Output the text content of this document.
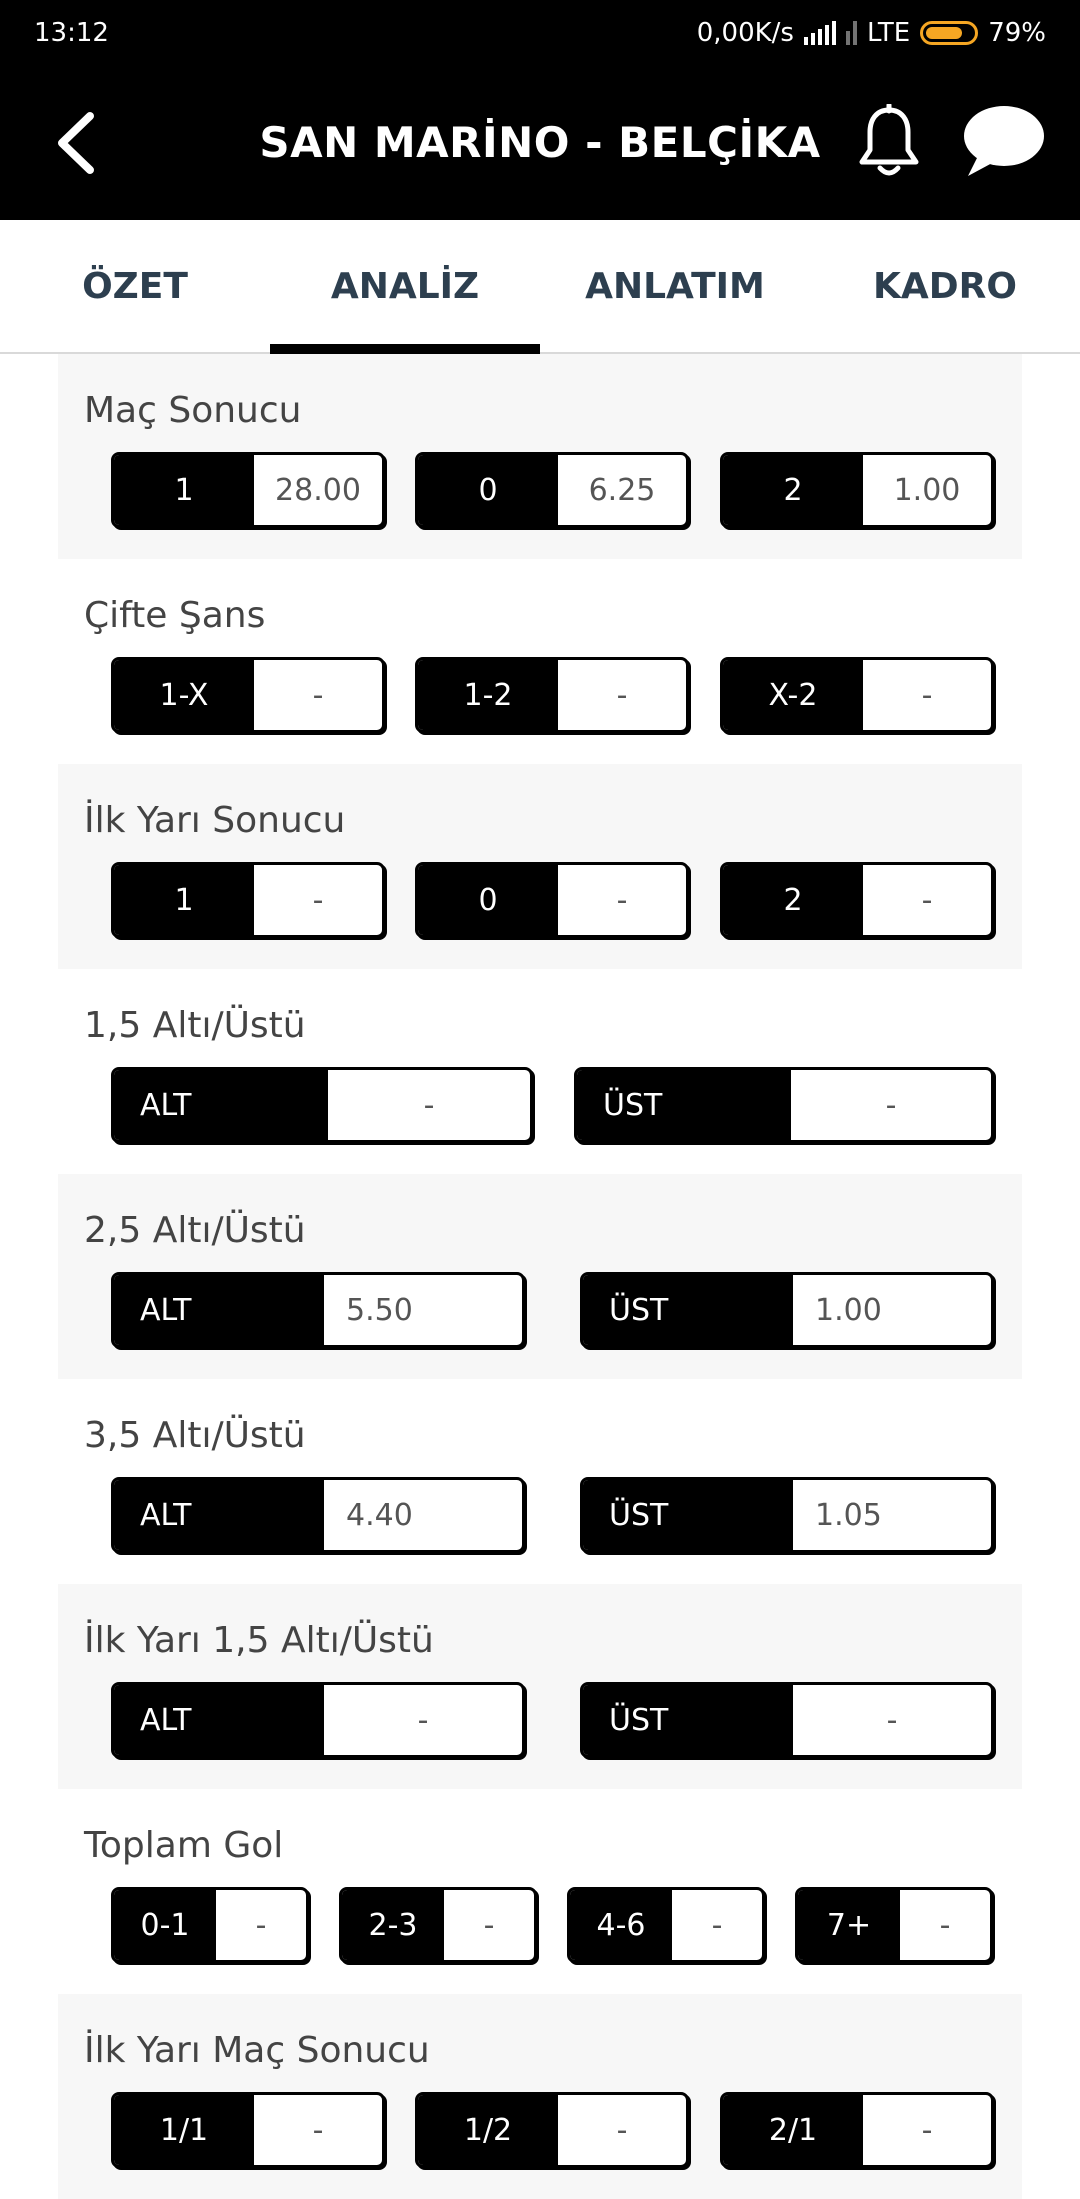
13:12	0,00K/s	LTE	79%
SAN MARİNO - BELÇİKA
ÖZET	ANALİZ	ANLATIM	KADRO
Maç Sonucu
1	28.00	0	6.25	2	1.00
Çifte Şans
1-X	-	1-2	-	X-2	-
İlk Yarı Sonucu
1	-	0	-	2	-
1,5 Altı/Üstü
ALT	-	ÜST	-
2,5 Altı/Üstü
ALT	5.50	ÜST	1.00
3,5 Altı/Üstü
ALT	4.40	ÜST	1.05
İlk Yarı 1,5 Altı/Üstü
ALT	-	ÜST	-
Toplam Gol
0-1	-	2-3	-	4-6	-	7+	-
İlk Yarı Maç Sonucu
1/1	-	1/2	-	2/1	-
